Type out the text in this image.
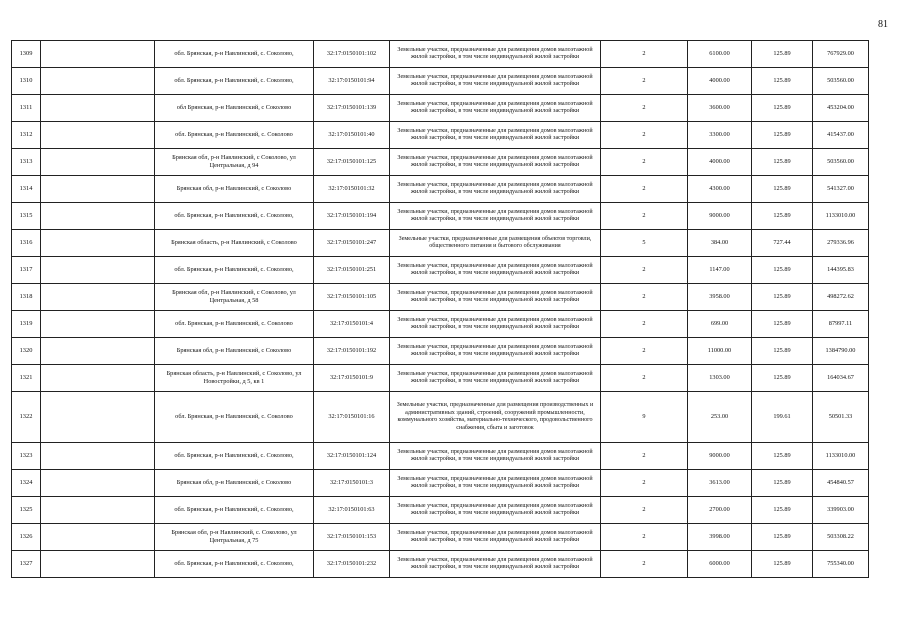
81
1309		обл. Брянская, р-н Навлинский, с. Соколово,	32:17:0150101:102	Земельные участки, предназначенные для размещения домов малоэтажной жилой застройки, в том числе индивидуальной жилой застройки	2	6100.00	125.89	767929.00
1310		обл. Брянская, р-н Навлинский, с. Соколово,	32:17:0150101:94	Земельные участки, предназначенные для размещения домов малоэтажной жилой застройки, в том числе индивидуальной жилой застройки	2	4000.00	125.89	503560.00
1311		обл Брянская, р-н Навлинский, с Соколово	32:17:0150101:139	Земельные участки, предназначенные для размещения домов малоэтажной жилой застройки, в том числе индивидуальной жилой застройки	2	3600.00	125.89	453204.00
1312		обл. Брянская, р-н Навлинский, с. Соколово	32:17:0150101:40	Земельные участки, предназначенные для размещения домов малоэтажной жилой застройки, в том числе индивидуальной жилой застройки	2	3300.00	125.89	415437.00
1313		Брянская обл, р-н Навлинский, с Соколово, ул Центральная, д 94	32:17:0150101:125	Земельные участки, предназначенные для размещения домов малоэтажной жилой застройки, в том числе индивидуальной жилой застройки	2	4000.00	125.89	503560.00
1314		Брянская обл, р-н Навлинский, с Соколово	32:17:0150101:32	Земельные участки, предназначенные для размещения домов малоэтажной жилой застройки, в том числе индивидуальной жилой застройки	2	4300.00	125.89	541327.00
1315		обл. Брянская, р-н Навлинский, с. Соколово,	32:17:0150101:194	Земельные участки, предназначенные для размещения домов малоэтажной жилой застройки, в том числе индивидуальной жилой застройки	2	9000.00	125.89	1133010.00
1316		Брянская область, р-н Навлинский, с Соколово	32:17:0150101:247	Земельные участки, предназначенные для размещения объектов торговли, общественного питания и бытового обслуживания	5	384.00	727.44	279336.96
1317		обл. Брянская, р-н Навлинский, с. Соколово,	32:17:0150101:251	Земельные участки, предназначенные для размещения домов малоэтажной жилой застройки, в том числе индивидуальной жилой застройки	2	1147.00	125.89	144395.83
1318		Брянская обл, р-н Навлинский, с Соколово, ул Центральная, д 58	32:17:0150101:105	Земельные участки, предназначенные для размещения домов малоэтажной жилой застройки, в том числе индивидуальной жилой застройки	2	3958.00	125.89	498272.62
1319		обл. Брянская, р-н Навлинский, с. Соколово	32:17:0150101:4	Земельные участки, предназначенные для размещения домов малоэтажной жилой застройки, в том числе индивидуальной жилой застройки	2	699.00	125.89	87997.11
1320		Брянская обл, р-н Навлинский, с Соколово	32:17:0150101:192	Земельные участки, предназначенные для размещения домов малоэтажной жилой застройки, в том числе индивидуальной жилой застройки	2	11000.00	125.89	1384790.00
1321		Брянская область, р-н Навлинский, с Соколово, ул Новостройки, д 5, кв 1	32:17:0150101:9	Земельные участки, предназначенные для размещения домов малоэтажной жилой застройки, в том числе индивидуальной жилой застройки	2	1303.00	125.89	164034.67
1322		обл. Брянская, р-н Навлинский, с. Соколово	32:17:0150101:16	Земельные участки, предназначенные для размещения производственных и административных зданий, строений, сооружений промышленности, коммунального хозяйства, материально-технического, продовольственного снабжения, сбыта и заготовок	9	253.00	199.61	50501.33
1323		обл. Брянская, р-н Навлинский, с. Соколово,	32:17:0150101:124	Земельные участки, предназначенные для размещения домов малоэтажной жилой застройки, в том числе индивидуальной жилой застройки	2	9000.00	125.89	1133010.00
1324		Брянская обл, р-н Навлинский, с Соколово	32:17:0150101:3	Земельные участки, предназначенные для размещения домов малоэтажной жилой застройки, в том числе индивидуальной жилой застройки	2	3613.00	125.89	454840.57
1325		обл. Брянская, р-н Навлинский, с. Соколово,	32:17:0150101:63	Земельные участки, предназначенные для размещения домов малоэтажной жилой застройки, в том числе индивидуальной жилой застройки	2	2700.00	125.89	339903.00
1326		Брянская обл, р-н Навлинский, с. Соколово, ул Центральная, д 75	32:17:0150101:153	Земельные участки, предназначенные для размещения домов малоэтажной жилой застройки, в том числе индивидуальной жилой застройки	2	3998.00	125.89	503308.22
1327		обл. Брянская, р-н Навлинский, с. Соколово,	32:17:0150101:232	Земельные участки, предназначенные для размещения домов малоэтажной жилой застройки, в том числе индивидуальной жилой застройки	2	6000.00	125.89	755340.00
